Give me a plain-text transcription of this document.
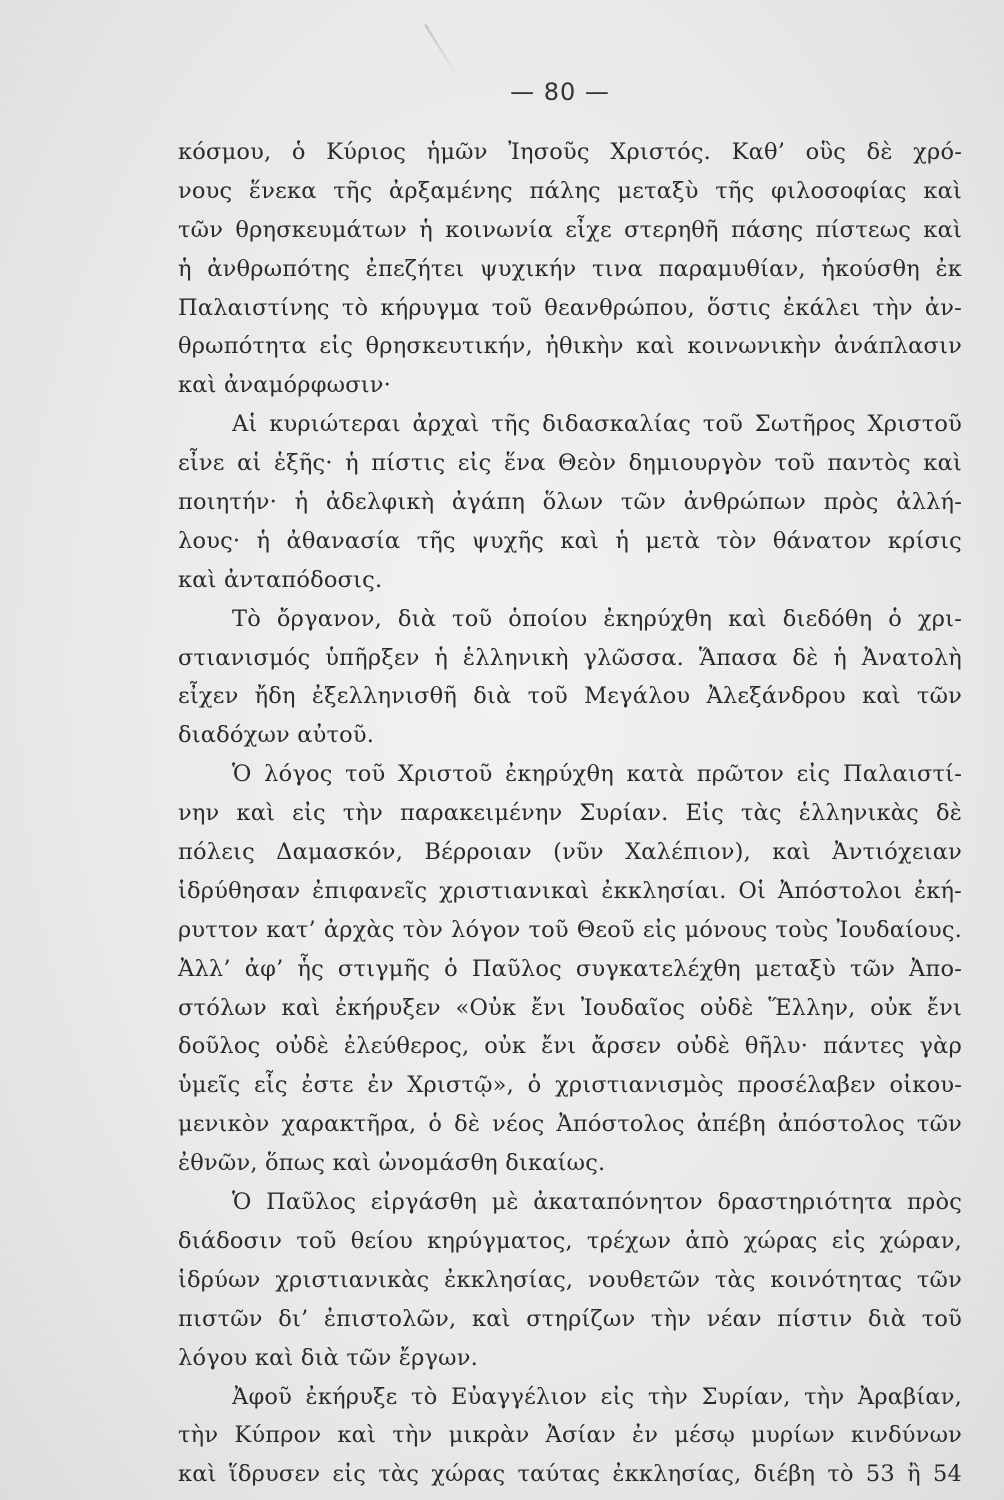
— 80 —
κόσμου, ὁ Κύριος ἡμῶν Ἰησοῦς Χριστός. Καθ’ οὓς δὲ χρό-
νους ἕνεκα τῆς ἀρξαμένης πάλης μεταξὺ τῆς φιλοσοφίας καὶ
τῶν θρησκευμάτων ἡ κοινωνία εἶχε στερηθῆ πάσης πίστεως καὶ
ἡ ἀνθρωπότης ἐπεζήτει ψυχικήν τινα παραμυθίαν, ἠκούσθη ἐκ
Παλαιστίνης τὸ κήρυγμα τοῦ θεανθρώπου, ὅστις ἐκάλει τὴν ἀν-
θρωπότητα εἰς θρησκευτικήν, ἠθικὴν καὶ κοινωνικὴν ἀνάπλασιν
καὶ ἀναμόρφωσιν·
Αἱ κυριώτεραι ἀρχαὶ τῆς διδασκαλίας τοῦ Σωτῆρος Χριστοῦ
εἶνε αἱ ἑξῆς· ἡ πίστις εἰς ἕνα Θεὸν δημιουργὸν τοῦ παντὸς καὶ
ποιητήν· ἡ ἀδελφικὴ ἀγάπη ὅλων τῶν ἀνθρώπων πρὸς ἀλλή-
λους· ἡ ἀθανασία τῆς ψυχῆς καὶ ἡ μετὰ τὸν θάνατον κρίσις
καὶ ἀνταπόδοσις.
Τὸ ὄργανον, διὰ τοῦ ὁποίου ἐκηρύχθη καὶ διεδόθη ὁ χρι-
στιανισμός ὑπῆρξεν ἡ ἑλληνικὴ γλῶσσα. Ἅπασα δὲ ἡ Ἀνατολὴ
εἶχεν ἤδη ἐξελληνισθῆ διὰ τοῦ Μεγάλου Ἀλεξάνδρου καὶ τῶν
διαδόχων αὐτοῦ.
Ὁ λόγος τοῦ Χριστοῦ ἐκηρύχθη κατὰ πρῶτον εἰς Παλαιστί-
νην καὶ εἰς τὴν παρακειμένην Συρίαν. Εἰς τὰς ἑλληνικὰς δὲ
πόλεις Δαμασκόν, Βέρροιαν (νῦν Χαλέπιον), καὶ Ἀντιόχειαν
ἱδρύθησαν ἐπιφανεῖς χριστιανικαὶ ἐκκλησίαι. Οἱ Ἀπόστολοι ἐκή-
ρυττον κατ’ ἀρχὰς τὸν λόγον τοῦ Θεοῦ εἰς μόνους τοὺς Ἰουδαίους.
Ἀλλ’ ἀφ’ ἧς στιγμῆς ὁ Παῦλος συγκατελέχθη μεταξὺ τῶν Ἀπο-
στόλων καὶ ἐκήρυξεν «Οὐκ ἔνι Ἰουδαῖος οὐδὲ Ἕλλην, οὐκ ἔνι
δοῦλος οὐδὲ ἐλεύθερος, οὐκ ἔνι ἄρσεν οὐδὲ θῆλυ· πάντες γὰρ
ὑμεῖς εἷς ἐστε ἐν Χριστῷ», ὁ χριστιανισμὸς προσέλαβεν οἰκου-
μενικὸν χαρακτῆρα, ὁ δὲ νέος Ἀπόστολος ἀπέβη ἀπόστολος τῶν
ἐθνῶν, ὅπως καὶ ὠνομάσθη δικαίως.
Ὁ Παῦλος εἰργάσθη μὲ ἀκαταπόνητον δραστηριότητα πρὸς
διάδοσιν τοῦ θείου κηρύγματος, τρέχων ἀπὸ χώρας εἰς χώραν,
ἱδρύων χριστιανικὰς ἐκκλησίας, νουθετῶν τὰς κοινότητας τῶν
πιστῶν δι’ ἐπιστολῶν, καὶ στηρίζων τὴν νέαν πίστιν διὰ τοῦ
λόγου καὶ διὰ τῶν ἔργων.
Ἀφοῦ ἐκήρυξε τὸ Εὐαγγέλιον εἰς τὴν Συρίαν, τὴν Ἀραβίαν,
τὴν Κύπρον καὶ τὴν μικρὰν Ἀσίαν ἐν μέσῳ μυρίων κινδύνων
καὶ ἵδρυσεν εἰς τὰς χώρας ταύτας ἐκκλησίας, διέβη τὸ 53 ἢ 54
